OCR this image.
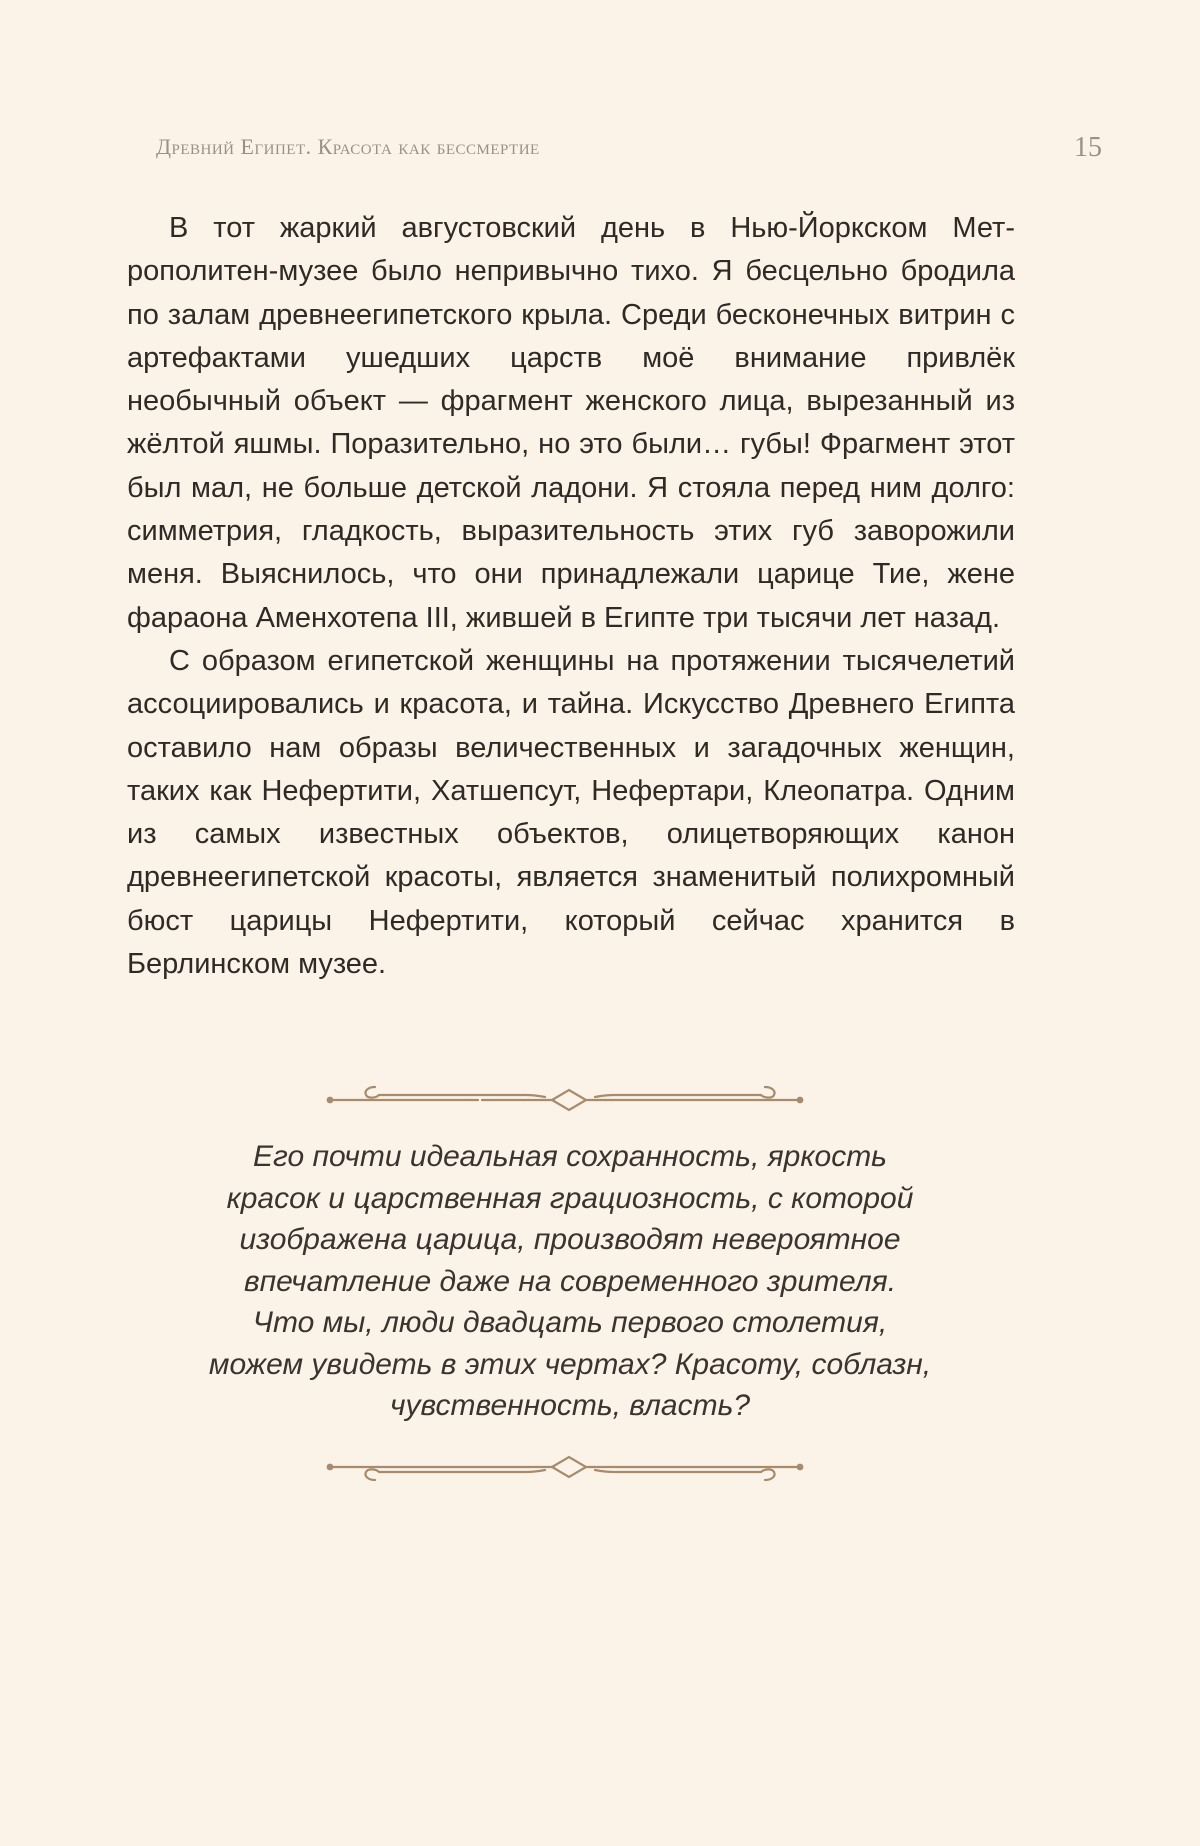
Древний Египет. Красота как бессмертие	15

В тот жаркий августовский день в Нью-Йоркском Метрополитен-музее было непривычно тихо. Я бесцельно бродила по залам древнеегипетского крыла. Среди бесконечных витрин с артефактами ушедших царств моё внимание привлёк необычный объект — фрагмент женского лица, вырезанный из жёлтой яшмы. Поразительно, но это были… губы! Фрагмент этот был мал, не больше детской ладони. Я стояла перед ним долго: симметрия, гладкость, выразительность этих губ заворожили меня. Выяснилось, что они принадлежали царице Тие, жене фараона Аменхотепа III, жившей в Египте три тысячи лет назад.

С образом египетской женщины на протяжении тысячелетий ассоциировались и красота, и тайна. Искусство Древнего Египта оставило нам образы величественных и загадочных женщин, таких как Нефертити, Хатшепсут, Нефертари, Клеопатра. Одним из самых известных объектов, олицетворяющих канон древнеегипетской красоты, является знаменитый полихромный бюст царицы Нефертити, который сейчас хранится в Берлинском музее.

Его почти идеальная сохранность, яркость
красок и царственная грациозность, с которой
изображена царица, производят невероятное
впечатление даже на современного зрителя.
Что мы, люди двадцать первого столетия,
можем увидеть в этих чертах? Красоту, соблазн,
чувственность, власть?
